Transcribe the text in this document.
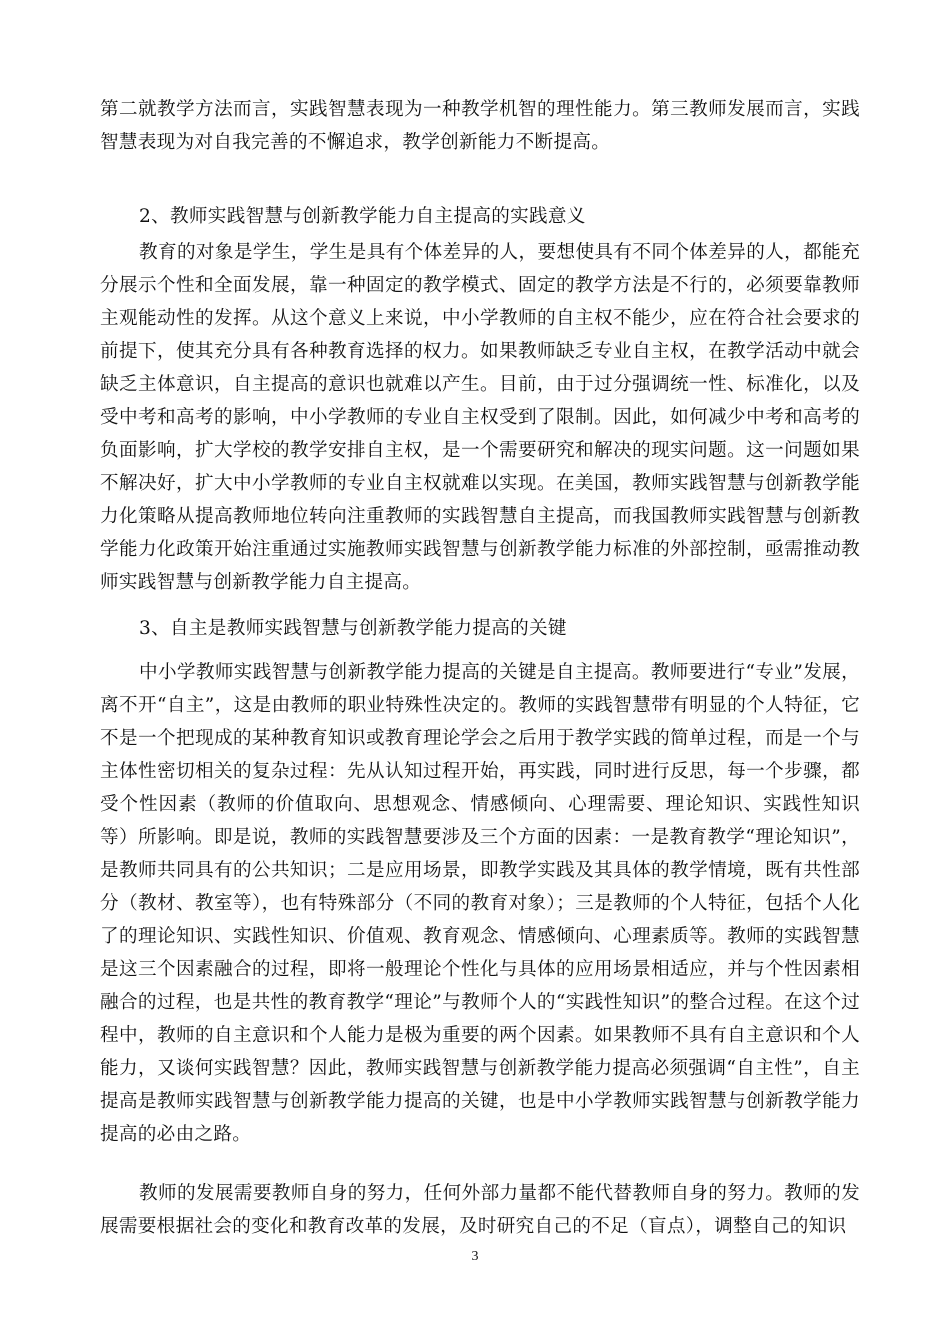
第二就教学方法而言，实践智慧表现为一种教学机智的理性能力。第三教师发展而言，实践智慧表现为对自我完善的不懈追求，教学创新能力不断提高。

2、教师实践智慧与创新教学能力自主提高的实践意义

教育的对象是学生，学生是具有个体差异的人，要想使具有不同个体差异的人，都能充分展示个性和全面发展，靠一种固定的教学模式、固定的教学方法是不行的，必须要靠教师主观能动性的发挥。从这个意义上来说，中小学教师的自主权不能少，应在符合社会要求的前提下，使其充分具有各种教育选择的权力。如果教师缺乏专业自主权，在教学活动中就会缺乏主体意识，自主提高的意识也就难以产生。目前，由于过分强调统一性、标准化，以及受中考和高考的影响，中小学教师的专业自主权受到了限制。因此，如何减少中考和高考的负面影响，扩大学校的教学安排自主权，是一个需要研究和解决的现实问题。这一问题如果不解决好，扩大中小学教师的专业自主权就难以实现。在美国，教师实践智慧与创新教学能力化策略从提高教师地位转向注重教师的实践智慧自主提高，而我国教师实践智慧与创新教学能力化政策开始注重通过实施教师实践智慧与创新教学能力标准的外部控制，亟需推动教师实践智慧与创新教学能力自主提高。

3、自主是教师实践智慧与创新教学能力提高的关键

中小学教师实践智慧与创新教学能力提高的关键是自主提高。教师要进行“专业”发展，离不开“自主”，这是由教师的职业特殊性决定的。教师的实践智慧带有明显的个人特征，它不是一个把现成的某种教育知识或教育理论学会之后用于教学实践的简单过程，而是一个与主体性密切相关的复杂过程：先从认知过程开始，再实践，同时进行反思，每一个步骤，都受个性因素（教师的价值取向、思想观念、情感倾向、心理需要、理论知识、实践性知识等）所影响。即是说，教师的实践智慧要涉及三个方面的因素：一是教育教学“理论知识”，是教师共同具有的公共知识；二是应用场景，即教学实践及其具体的教学情境，既有共性部分（教材、教室等），也有特殊部分（不同的教育对象）；三是教师的个人特征，包括个人化了的理论知识、实践性知识、价值观、教育观念、情感倾向、心理素质等。教师的实践智慧是这三个因素融合的过程，即将一般理论个性化与具体的应用场景相适应，并与个性因素相融合的过程，也是共性的教育教学“理论”与教师个人的“实践性知识”的整合过程。在这个过程中，教师的自主意识和个人能力是极为重要的两个因素。如果教师不具有自主意识和个人能力，又谈何实践智慧？因此，教师实践智慧与创新教学能力提高必须强调“自主性”，自主提高是教师实践智慧与创新教学能力提高的关键，也是中小学教师实践智慧与创新教学能力提高的必由之路。

教师的发展需要教师自身的努力，任何外部力量都不能代替教师自身的努力。教师的发展需要根据社会的变化和教育改革的发展，及时研究自己的不足（盲点），调整自己的知识

3
